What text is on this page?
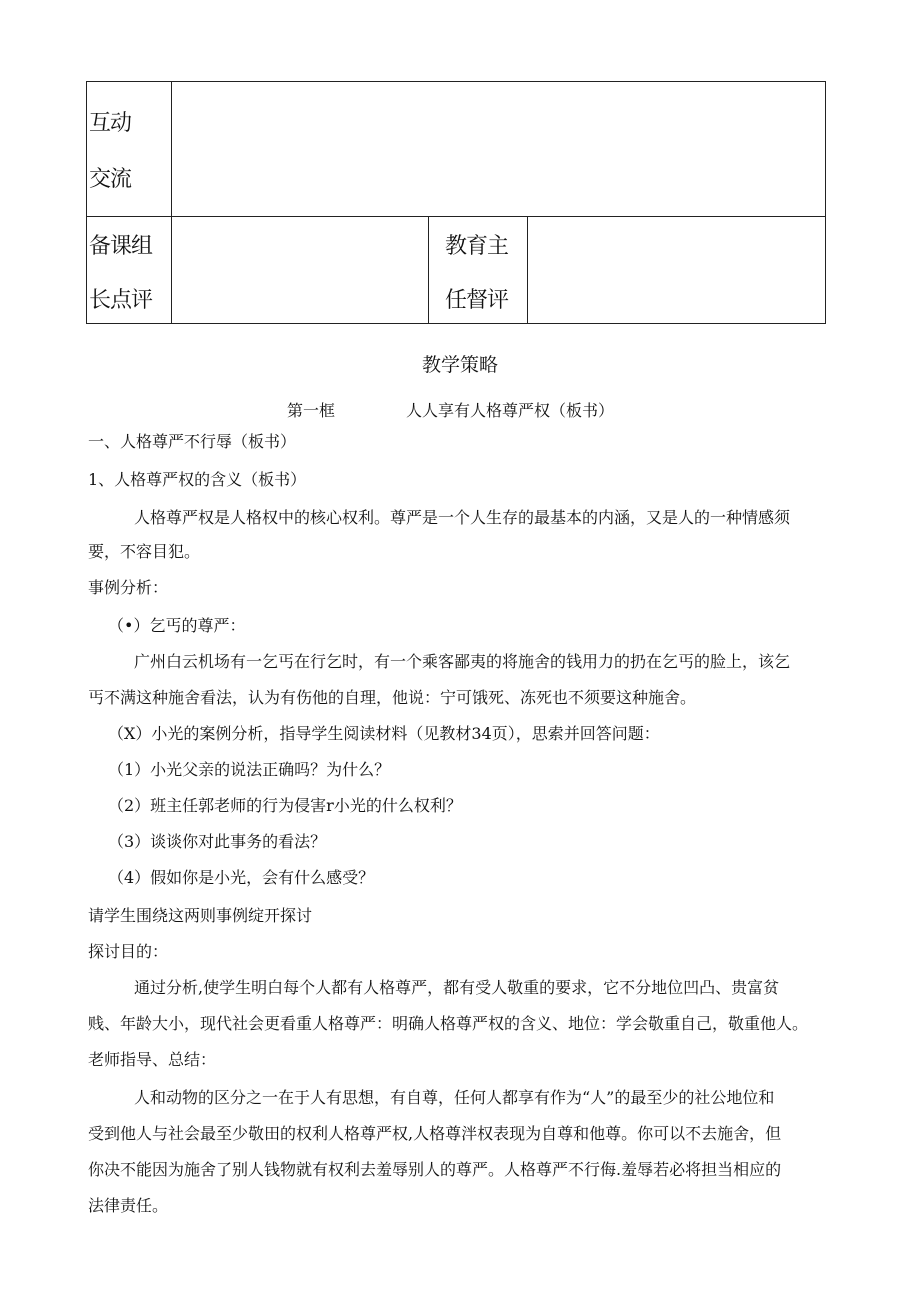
互动
交流
备课组
长点评
教育主
任督评
教学策略
第一框	人人享有人格尊严权（板书）
一、人格尊严不行辱（板书）
1、人格尊严权的含义（板书）
人格尊严权是人格权中的核心权利。尊严是一个人生存的最基本的内涵，又是人的一种情感须
要，不容目犯。
事例分析：
（•）乞丐的尊严：
广州白云机场有一乞丐在行乞时，有一个乘客鄙夷的将施舍的钱用力的扔在乞丐的脸上，该乞
丐不满这种施舍看法，认为有伤他的自理，他说：宁可饿死、冻死也不须要这种施舍。
（X）小光的案例分析，指导学生阅读材料（见教材34页），思索并回答问题：
（1）小光父亲的说法正确吗？为什么？
（2）班主任郭老师的行为侵害r小光的什么权利？
（3）谈谈你对此事务的看法？
（4）假如你是小光，会有什么感受？
请学生围绕这两则事例绽开探讨
探讨目的：
通过分析,使学生明白每个人都有人格尊严，都有受人敬重的要求，它不分地位凹凸、贵富贫
贱、年龄大小，现代社会更看重人格尊严：明确人格尊严权的含义、地位：学会敬重自己，敬重他人。
老师指导、总结：
人和动物的区分之一在于人有思想，有自尊，任何人都享有作为“人”的最至少的社公地位和
受到他人与社会最至少敬田的权利人格尊严权,人格尊泮权表现为自尊和他尊。你可以不去施舍，但
你决不能因为施舍了别人钱物就有权利去羞辱别人的尊严。人格尊严不行侮.羞辱若必将担当相应的
法律责任。
